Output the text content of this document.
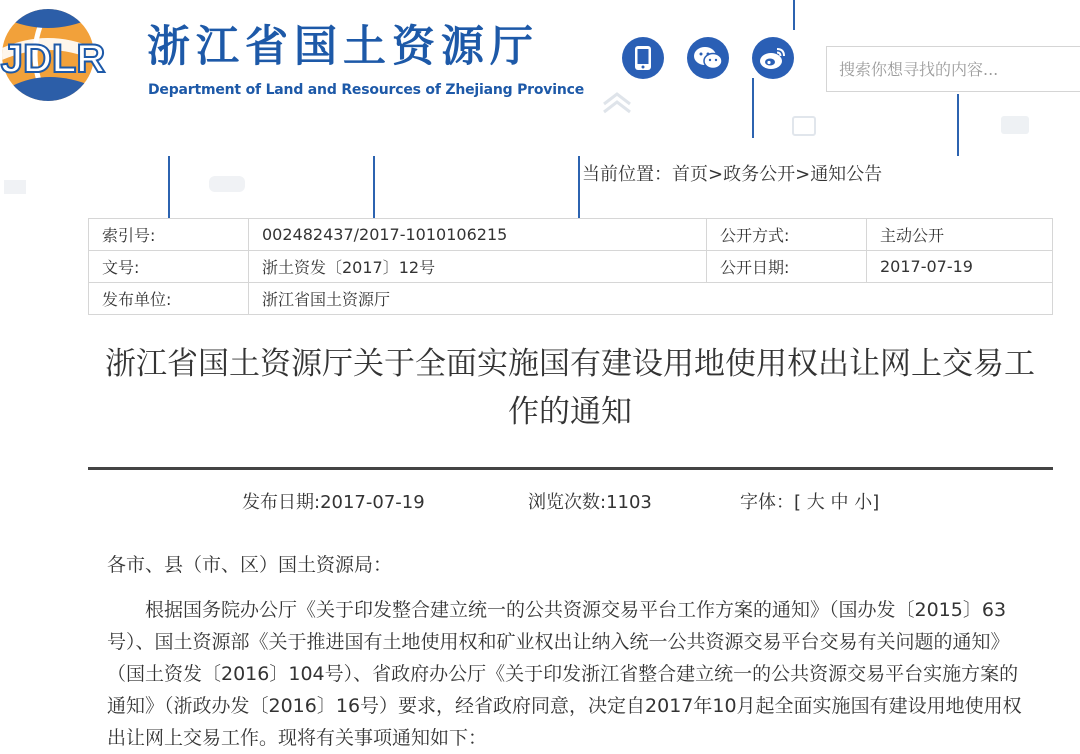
JDLR 浙江省国土资源厅
Department of Land and Resources of Zhejiang Province
搜索你想寻找的内容...
当前位置：首页>政务公开>通知公告
索引号:	002482437/2017-1010106215	公开方式:	主动公开
文号:	浙土资发〔2017〕12号	公开日期:	2017-07-19
发布单位:	浙江省国土资源厅		
浙江省国土资源厅关于全面实施国有建设用地使用权出让网上交易工作的通知
发布日期:2017-07-19	浏览次数:1103	字体：[ 大 中 小]
各市、县（市、区）国土资源局：

根据国务院办公厅《关于印发整合建立统一的公共资源交易平台工作方案的通知》（国办发〔2015〕63号）、国土资源部《关于推进国有土地使用权和矿业权出让纳入统一公共资源交易平台交易有关问题的通知》（国土资发〔2016〕104号）、省政府办公厅《关于印发浙江省整合建立统一的公共资源交易平台实施方案的通知》（浙政办发〔2016〕16号）要求，经省政府同意，决定自2017年10月起全面实施国有建设用地使用权出让网上交易工作。现将有关事项通知如下：
